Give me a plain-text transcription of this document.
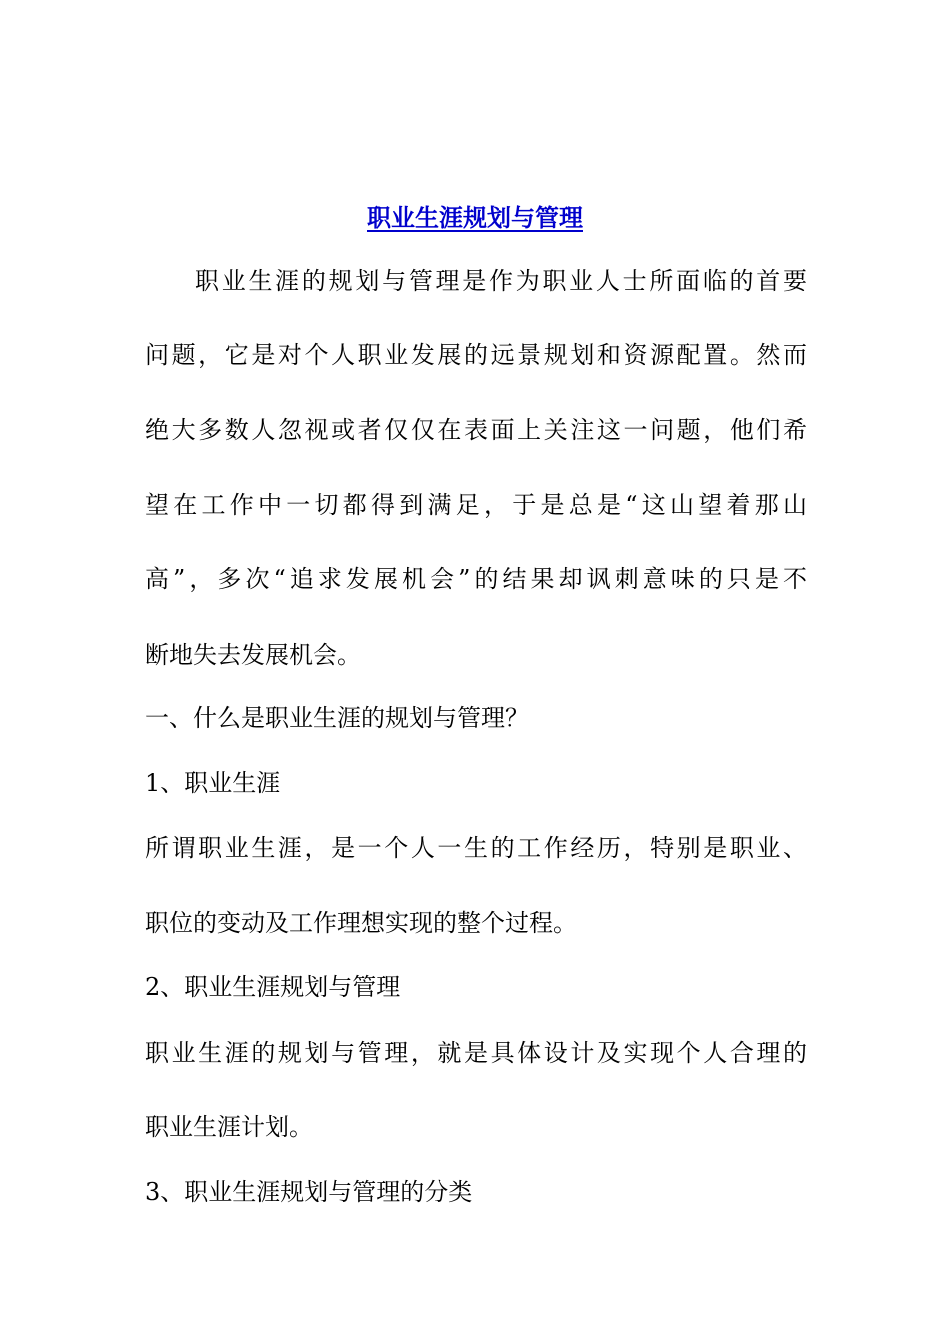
职业生涯规划与管理
职业生涯的规划与管理是作为职业人士所面临的首要
问题，它是对个人职业发展的远景规划和资源配置。然而
绝大多数人忽视或者仅仅在表面上关注这一问题，他们希
望在工作中一切都得到满足，于是总是“这山望着那山
高”，多次“追求发展机会”的结果却讽刺意味的只是不
断地失去发展机会。
一、什么是职业生涯的规划与管理？
1、职业生涯
所谓职业生涯，是一个人一生的工作经历，特别是职业、
职位的变动及工作理想实现的整个过程。
2、职业生涯规划与管理
职业生涯的规划与管理，就是具体设计及实现个人合理的
职业生涯计划。
3、职业生涯规划与管理的分类
